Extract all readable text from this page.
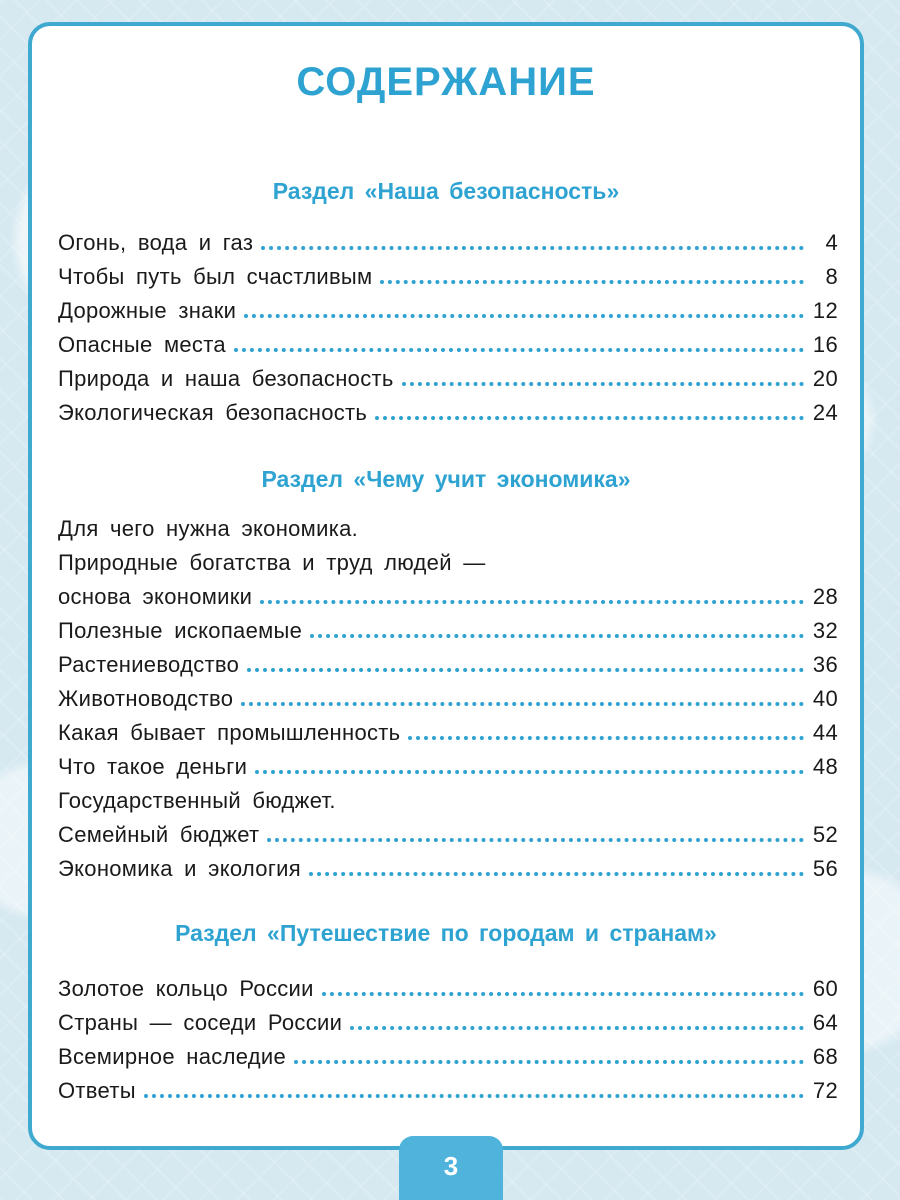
СОДЕРЖАНИЕ
Раздел «Наша безопасность»
Огонь, вода и газ	4
Чтобы путь был счастливым	8
Дорожные знаки	12
Опасные места	16
Природа и наша безопасность	20
Экологическая безопасность	24
Раздел «Чему учит экономика»
Для чего нужна экономика.
Природные богатства и труд людей —
основа экономики	28
Полезные ископаемые	32
Растениеводство	36
Животноводство	40
Какая бывает промышленность	44
Что такое деньги	48
Государственный бюджет.
Семейный бюджет	52
Экономика и экология	56
Раздел «Путешествие по городам и странам»
Золотое кольцо России	60
Страны — соседи России	64
Всемирное наследие	68
Ответы	72
3
